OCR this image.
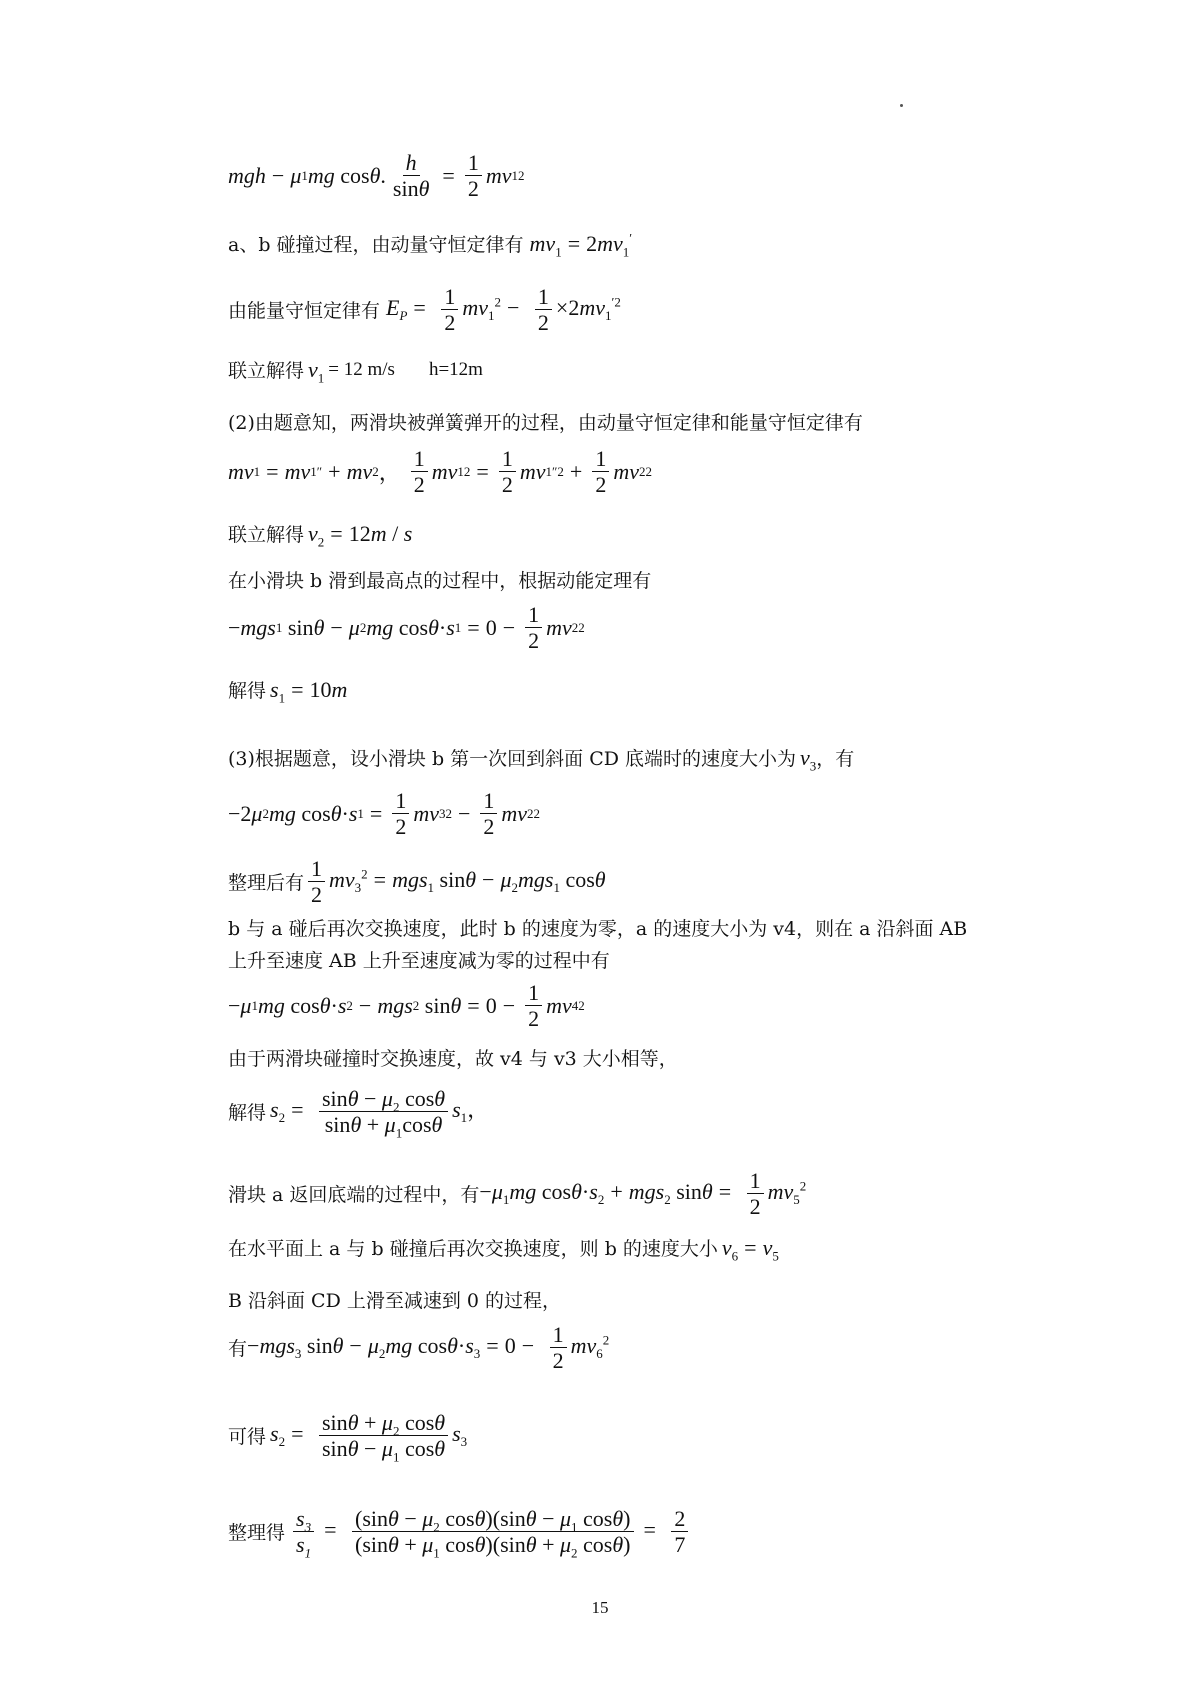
mgh − μ 1 mg cos θ . $\frac{h}{\sin\theta} = \frac{1}{2}$ mv 1 2
a、b 碰撞过程，由动量守恒定律有 $mv_1 = 2mv_1'$
由能量守恒定律有 $E_P = \frac{1}{2} mv_1^2 - \frac{1}{2} \times 2mv_1^{'2}$
联立解得 $v_1 = 12$ m/s h=12m
(2)由题意知，两滑块被弹簧弹开的过程，由动量守恒定律和能量守恒定律有
mv 1 = mv 1 ″ + mv 2 ， $\frac{1}{2}$ mv 1 $2 = \frac{1}{2}$ mv 1 $''2 + \frac{1}{2}$ mv 2 2
联立解得 $v_2 = 12m / s$
在小滑块 b 滑到最高点的过程中，根据动能定理有
− mgs 1 sin θ − μ 2 mg cos θ · s $1 = 0 - \frac{1}{2}$ mv 2 2
解得 $s_1 = 10m$
(3)根据题意，设小滑块 b 第一次回到斜面 CD 底端时的速度大小为 $v_3$ ，有
−2 μ 2 mg cos θ · s $1 = \frac{1}{2}$ mv 3 $2 - \frac{1}{2}$ mv 2 2
整理后有 $\frac{1}{2} mv_3^2 = mgs_1$ $\sin\theta - \mu_2mgs_1$ cosθ
b 与 a 碰后再次交换速度，此时 b 的速度为零，a 的速度大小为 v4，则在 a 沿斜面 AB
上升至速度 AB 上升至速度减为零的过程中有
− μ 1 mg cos θ · s 2 − mgs 2 $\sin \theta = 0 - \frac{1}{2}$ mv 4 2
由于两滑块碰撞时交换速度，故 v4 与 v3 大小相等，
解得 $s_2 = \frac{\sin\theta - \mu_2 \cos\theta}{\sin\theta + \mu_1\cos\theta} s_1$，
滑块 a 返回底端的过程中，有 $-\mu_1mg$ $\cos\theta\cdot s_2 + mgs_2$ $\sin\theta = \frac{1}{2} mv_5^2$
在水平面上 a 与 b 碰撞后再次交换速度，则 b 的速度大小 $v_6 = v_5$
B 沿斜面 CD 上滑至减速到 0 的过程，
有 −mgs$_3$ $\sin\theta - \mu_2mg$ $\cos\theta\cdot s_3 = 0 - \frac{1}{2} mv_6^2$
可得 $s_2 = \frac{\sin\theta + \mu_2 \cos\theta}{\sin\theta - \mu_1 \cos\theta} s_3$
整理得 $\frac{s_3}{s_1} = \frac{(\sin\theta - \mu_2 \cos\theta)(\sin\theta - \mu_1 \cos\theta)}{(\sin\theta + \mu_1 \cos\theta)(\sin\theta + \mu_2 \cos\theta)} = \frac{2}{7}$
15
